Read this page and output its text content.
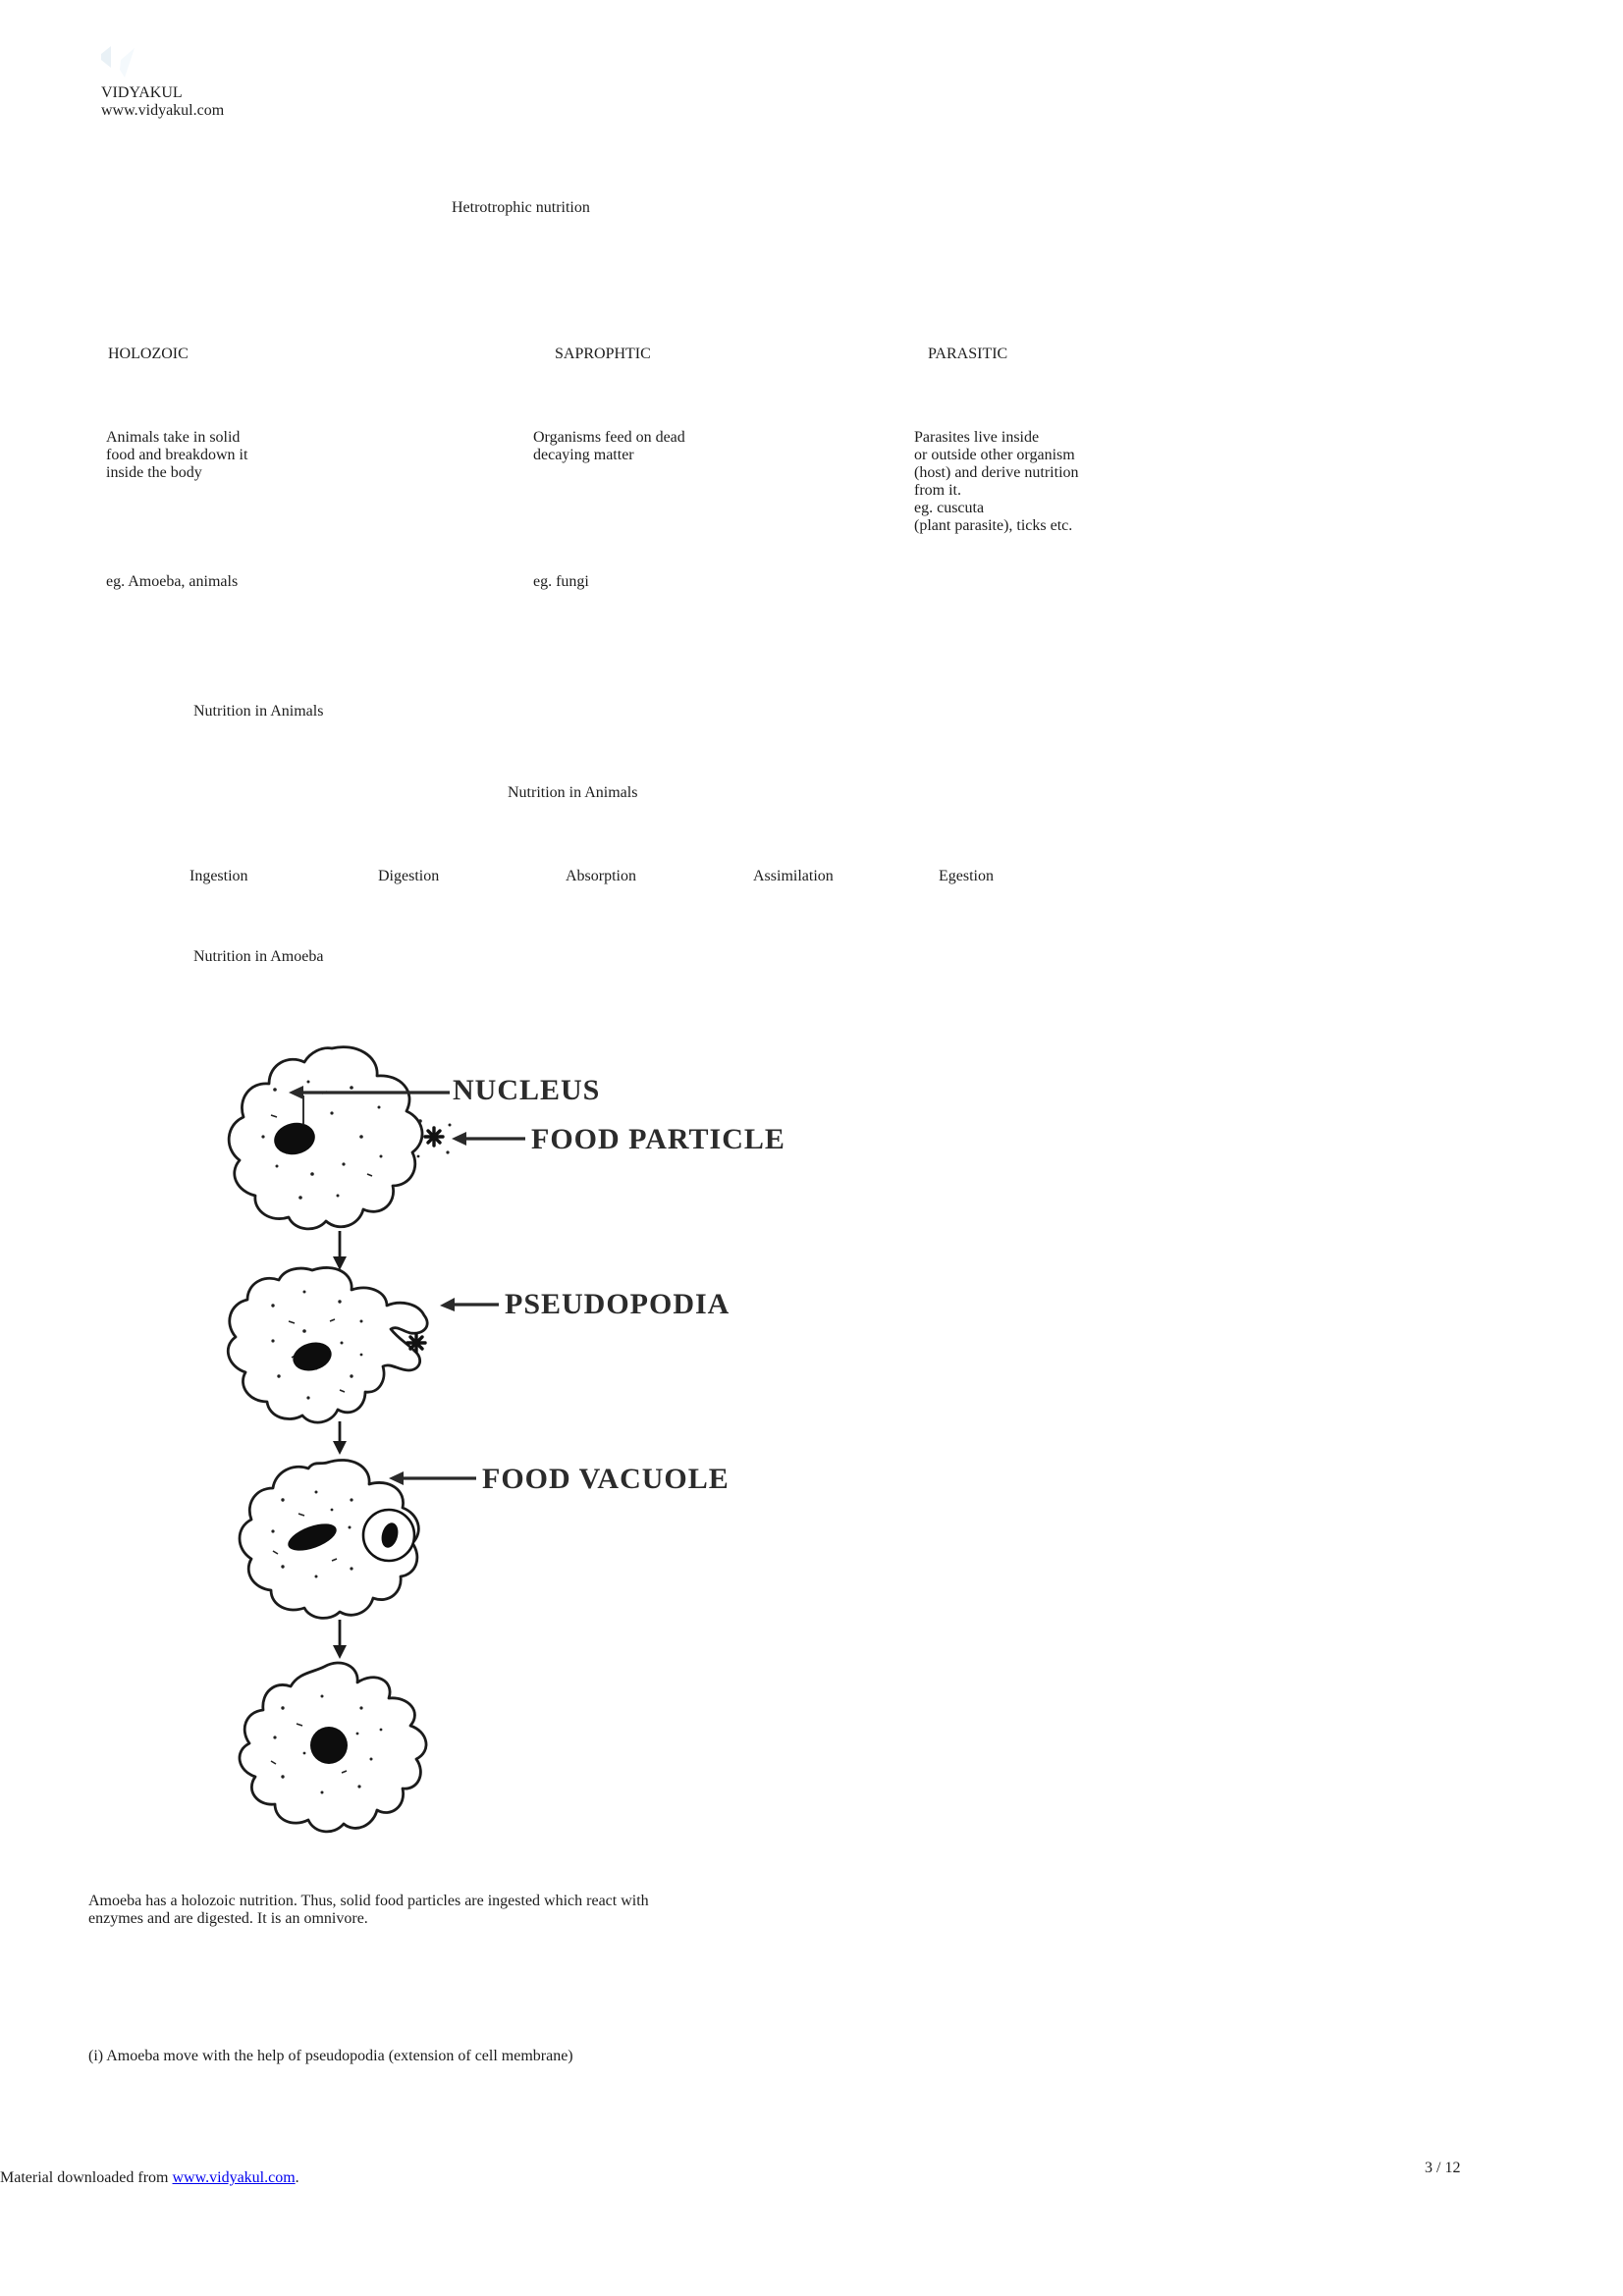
VIDYAKUL
www.vidyakul.com
Hetrotrophic nutrition
HOLOZOIC	SAPROPHTIC	PARASITIC
Animals take in solid
food and breakdown it
inside the body
eg. Amoeba, animals
Organisms feed on dead
decaying matter
eg. fungi
Parasites live inside
or outside other organism
(host) and derive nutrition
from it.
eg. cuscuta
(plant parasite), ticks etc.
Nutrition in Animals
Nutrition in Animals
Ingestion	Digestion	Absorption	Assimilation	Egestion
Nutrition in Amoeba
NUCLEUS
FOOD PARTICLE
PSEUDOPODIA
FOOD VACUOLE
Amoeba has a holozoic nutrition. Thus, solid food particles are ingested which react with
enzymes and are digested. It is an omnivore.
(i) Amoeba move with the help of pseudopodia (extension of cell membrane)
Material downloaded from www.vidyakul.com.
3 / 12
